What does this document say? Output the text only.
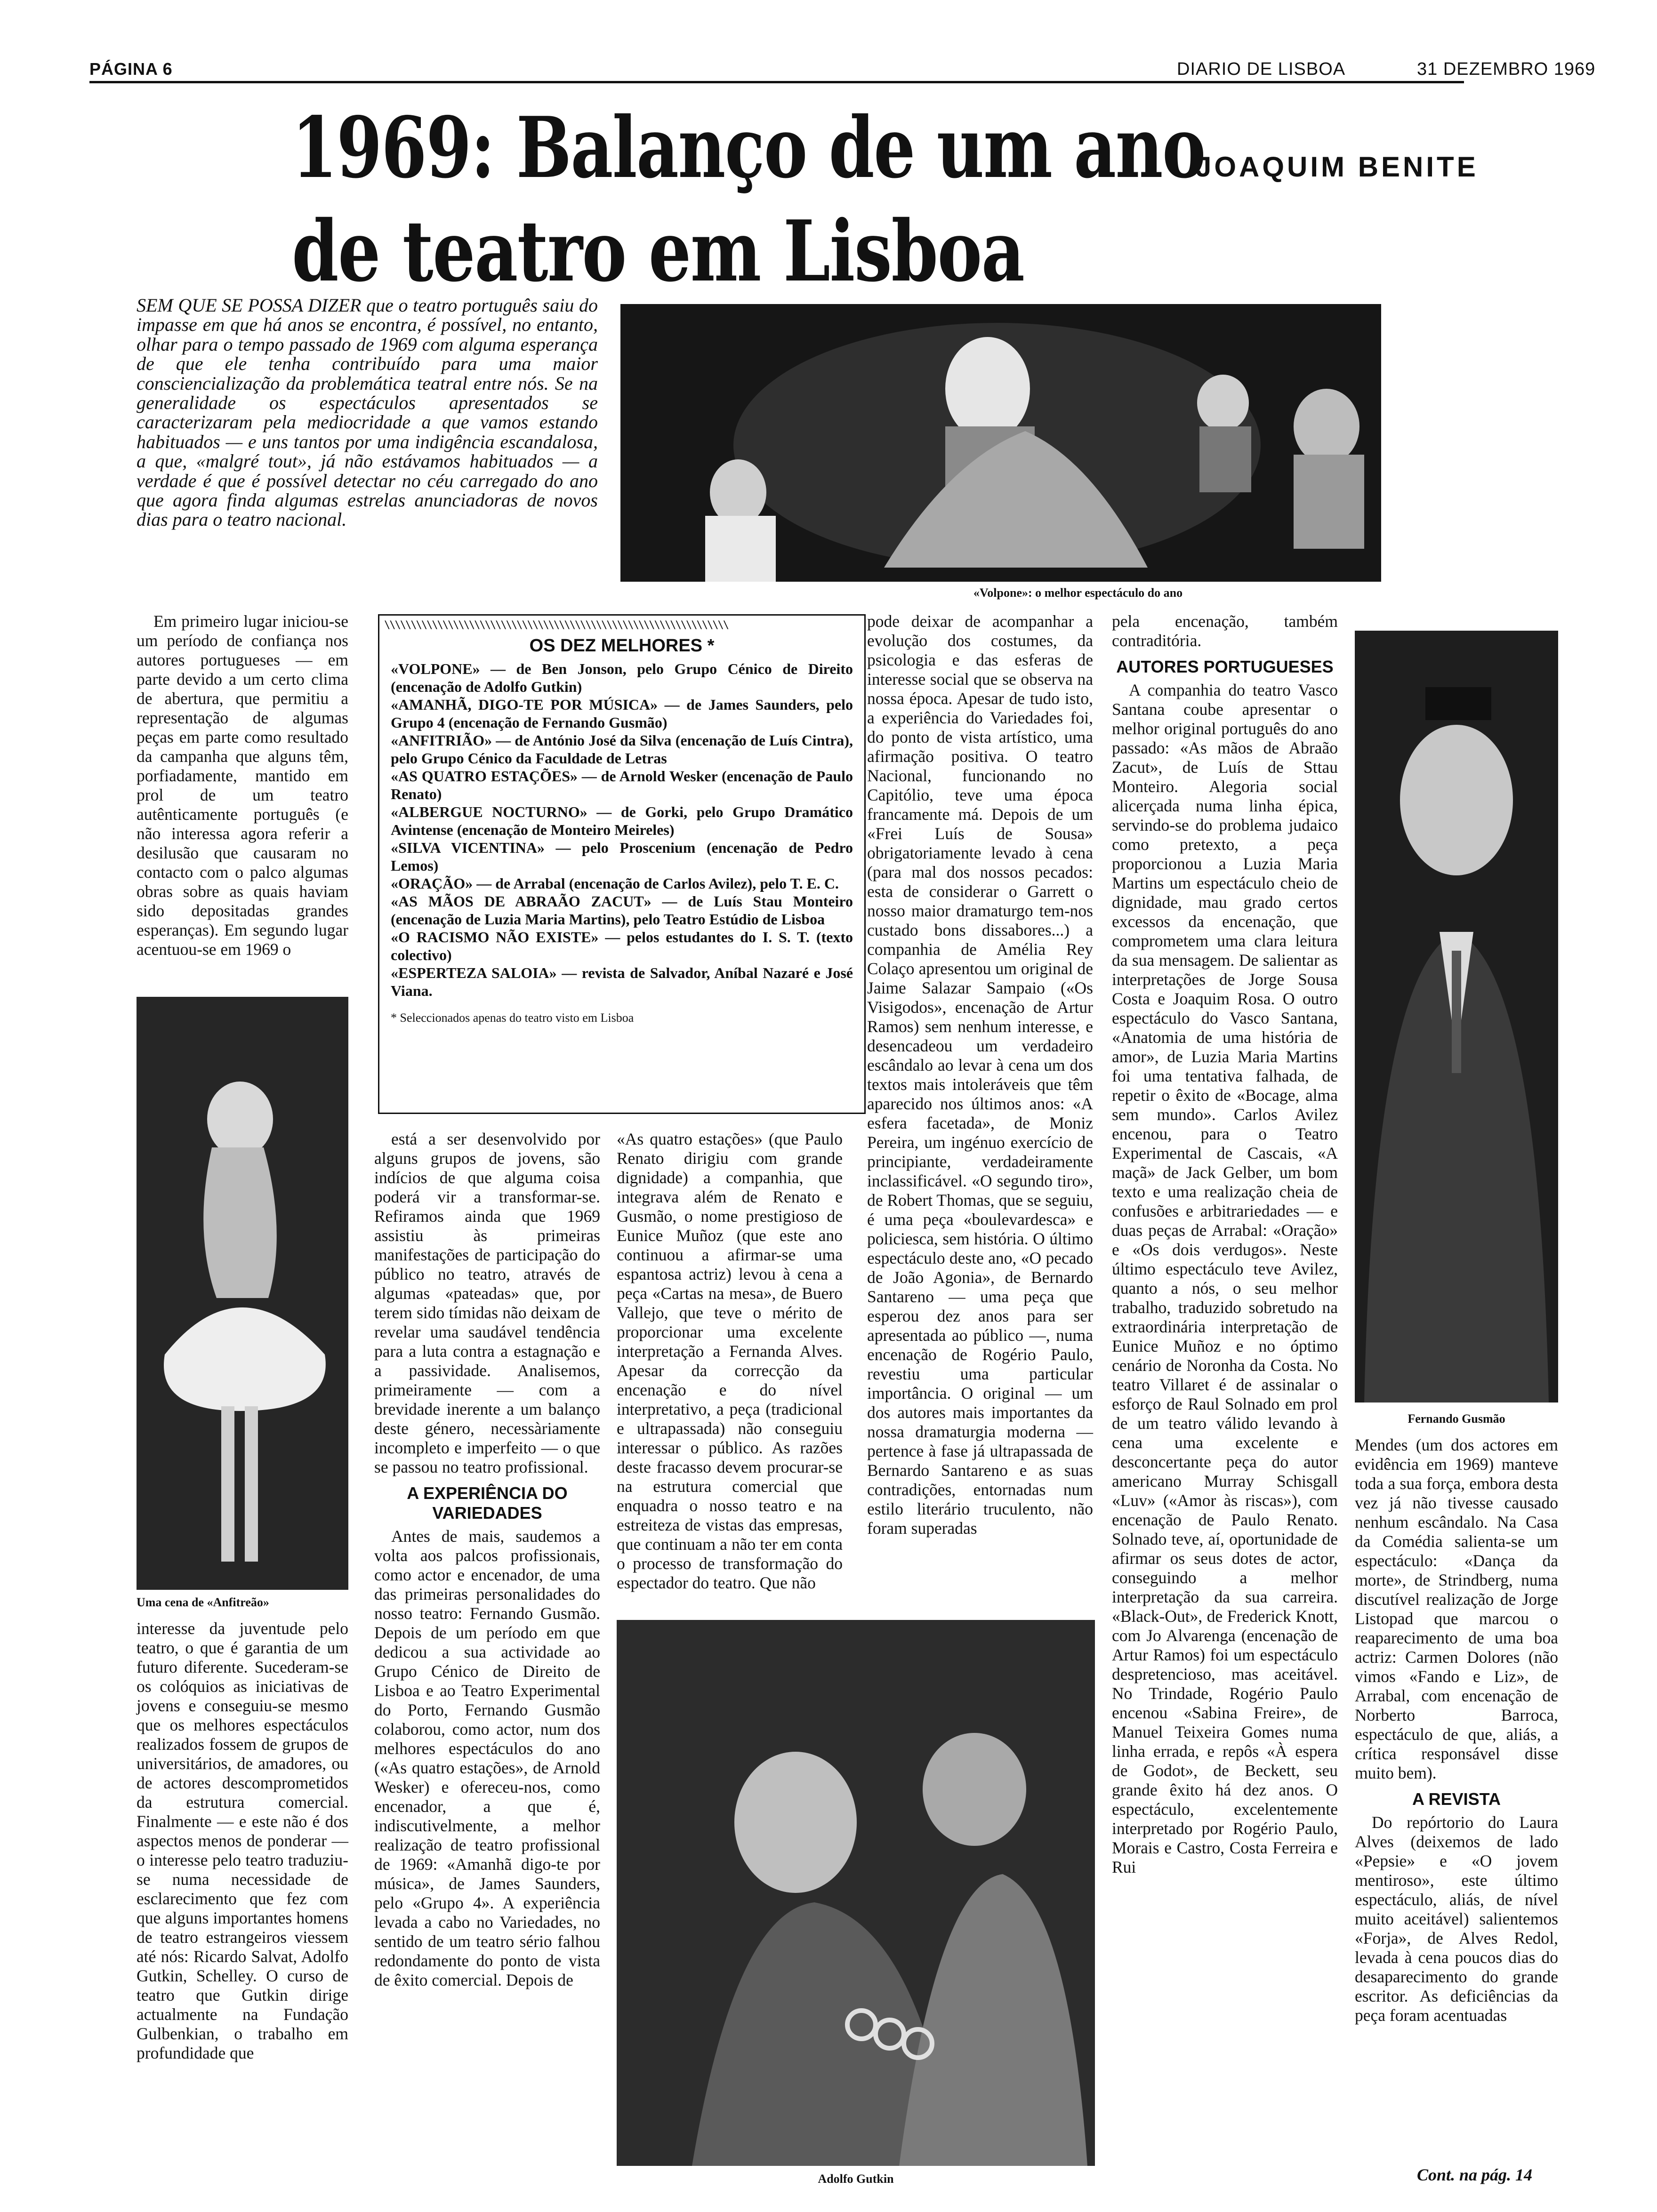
PÁGINA 6	DIARIO DE LISBOA	31 DEZEMBRO 1969
1969: Balanço de um ano
de teatro em Lisboa
JOAQUIM BENITE
SEM QUE SE POSSA DIZER que o teatro português saiu do impasse em que há anos se encontra, é possível, no entanto, olhar para o tempo passado de 1969 com alguma esperança de que ele tenha contribuído para uma maior consciencialização da problemática teatral entre nós. Se na generalidade os espectáculos apresentados se caracterizaram pela mediocridade a que vamos estando habituados — e uns tantos por uma indigência escandalosa, a que, «malgré tout», já não estávamos habituados — a verdade é que é possível detectar no céu carregado do ano que agora finda algumas estrelas anunciadoras de novos dias para o teatro nacional.
«Volpone»: o melhor espectáculo do ano

Em primeiro lugar iniciou-se um período de confiança nos autores portugueses — em parte devido a um certo clima de abertura, que permitiu a representação de algumas peças em parte como resultado da campanha que alguns têm, porfiadamente, mantido em prol de um teatro autênticamente português (e não interessa agora referir a desilusão que causaram no contacto com o palco algumas obras sobre as quais haviam sido depositadas grandes esperanças). Em segundo lugar acentuou-se em 1969 o

Uma cena de «Anfitreão»

interesse da juventude pelo teatro, o que é garantia de um futuro diferente. Sucederam-se os colóquios as iniciativas de jovens e conseguiu-se mesmo que os melhores espectáculos realizados fossem de grupos de universitários, de amadores, ou de actores descomprometidos da estrutura comercial. Finalmente — e este não é dos aspectos menos de ponderar — o interesse pelo teatro traduziu-se numa necessidade de esclarecimento que fez com que alguns importantes homens de teatro estrangeiros viessem até nós: Ricardo Salvat, Adolfo Gutkin, Schelley. O curso de teatro que Gutkin dirige actualmente na Fundação Gulbenkian, o trabalho em profundidade que

\\\\\\\\\\\\\\\\\\\\\\\\\\\\\\\\\\\\\\\\\\\\\\\\\\\\\\\\\\\\\\\\\
OS DEZ MELHORES *
«VOLPONE» — de Ben Jonson, pelo Grupo Cénico de Direito (encenação de Adolfo Gutkin)
«AMANHÃ, DIGO-TE POR MÚSICA» — de James Saunders, pelo Grupo 4 (encenação de Fernando Gusmão)
«ANFITRIÃO» — de António José da Silva (encenação de Luís Cintra), pelo Grupo Cénico da Faculdade de Letras
«AS QUATRO ESTAÇÕES» — de Arnold Wesker (encenação de Paulo Renato)
«ALBERGUE NOCTURNO» — de Gorki, pelo Grupo Dramático Avintense (encenação de Monteiro Meireles)
«SILVA VICENTINA» — pelo Proscenium (encenação de Pedro Lemos)
«ORAÇÃO» — de Arrabal (encenação de Carlos Avilez), pelo T. E. C.
«AS MÃOS DE ABRAÃO ZACUT» — de Luís Stau Monteiro (encenação de Luzia Maria Martins), pelo Teatro Estúdio de Lisboa
«O RACISMO NÃO EXISTE» — pelos estudantes do I. S. T. (texto colectivo)
«ESPERTEZA SALOIA» — revista de Salvador, Aníbal Nazaré e José Viana.
* Seleccionados apenas do teatro visto em Lisboa

está a ser desenvolvido por alguns grupos de jovens, são indícios de que alguma coisa poderá vir a transformar-se. Refiramos ainda que 1969 assistiu às primeiras manifestações de participação do público no teatro, através de algumas «pateadas» que, por terem sido tímidas não deixam de revelar uma saudável tendência para a luta contra a estagnação e a passividade. Analisemos, primeiramente — com a brevidade inerente a um balanço deste género, necessàriamente incompleto e imperfeito — o que se passou no teatro profissional.

A EXPERIÊNCIA DO VARIEDADES

Antes de mais, saudemos a volta aos palcos profissionais, como actor e encenador, de uma das primeiras personalidades do nosso teatro: Fernando Gusmão. Depois de um período em que dedicou a sua actividade ao Grupo Cénico de Direito de Lisboa e ao Teatro Experimental do Porto, Fernando Gusmão colaborou, como actor, num dos melhores espectáculos do ano («As quatro estações», de Arnold Wesker) e ofereceu-nos, como encenador, a que é, indiscutivelmente, a melhor realização de teatro profissional de 1969: «Amanhã digo-te por música», de James Saunders, pelo «Grupo 4». A experiência levada a cabo no Variedades, no sentido de um teatro sério falhou redondamente do ponto de vista de êxito comercial. Depois de

«As quatro estações» (que Paulo Renato dirigiu com grande dignidade) a companhia, que integrava além de Renato e Gusmão, o nome prestigioso de Eunice Muñoz (que este ano continuou a afirmar-se uma espantosa actriz) levou à cena a peça «Cartas na mesa», de Buero Vallejo, que teve o mérito de proporcionar uma excelente interpretação a Fernanda Alves. Apesar da correcção da encenação e do nível interpretativo, a peça (tradicional e ultrapassada) não conseguiu interessar o público. As razões deste fracasso devem procurar-se na estrutura comercial que enquadra o nosso teatro e na estreiteza de vistas das empresas, que continuam a não ter em conta o processo de transformação do espectador do teatro. Que não

Adolfo Gutkin

pode deixar de acompanhar a evolução dos costumes, da psicologia e das esferas de interesse social que se observa na nossa época. Apesar de tudo isto, a experiência do Variedades foi, do ponto de vista artístico, uma afirmação positiva. O teatro Nacional, funcionando no Capitólio, teve uma época francamente má. Depois de um «Frei Luís de Sousa» obrigatoriamente levado à cena (para mal dos nossos pecados: esta de considerar o Garrett o nosso maior dramaturgo tem-nos custado bons dissabores...) a companhia de Amélia Rey Colaço apresentou um original de Jaime Salazar Sampaio («Os Visigodos», encenação de Artur Ramos) sem nenhum interesse, e desencadeou um verdadeiro escândalo ao levar à cena um dos textos mais intoleráveis que têm aparecido nos últimos anos: «A esfera facetada», de Moniz Pereira, um ingénuo exercício de principiante, verdadeiramente inclassificável. «O segundo tiro», de Robert Thomas, que se seguiu, é uma peça «boulevardesca» e policiesca, sem história. O último espectáculo deste ano, «O pecado de João Agonia», de Bernardo Santareno — uma peça que esperou dez anos para ser apresentada ao público —, numa encenação de Rogério Paulo, revestiu uma particular importância. O original — um dos autores mais importantes da nossa dramaturgia moderna — pertence à fase já ultrapassada de Bernardo Santareno e as suas contradições, entornadas num estilo literário truculento, não foram superadas

pela encenação, também contraditória.

AUTORES PORTUGUESES

A companhia do teatro Vasco Santana coube apresentar o melhor original português do ano passado: «As mãos de Abraão Zacut», de Luís de Sttau Monteiro. Alegoria social alicerçada numa linha épica, servindo-se do problema judaico como pretexto, a peça proporcionou a Luzia Maria Martins um espectáculo cheio de dignidade, mau grado certos excessos da encenação, que comprometem uma clara leitura da sua mensagem. De salientar as interpretações de Jorge Sousa Costa e Joaquim Rosa. O outro espectáculo do Vasco Santana, «Anatomia de uma história de amor», de Luzia Maria Martins foi uma tentativa falhada, de repetir o êxito de «Bocage, alma sem mundo». Carlos Avilez encenou, para o Teatro Experimental de Cascais, «A maçã» de Jack Gelber, um bom texto e uma realização cheia de confusões e arbitrariedades — e duas peças de Arrabal: «Oração» e «Os dois verdugos». Neste último espectáculo teve Avilez, quanto a nós, o seu melhor trabalho, traduzido sobretudo na extraordinária interpretação de Eunice Muñoz e no óptimo cenário de Noronha da Costa. No teatro Villaret é de assinalar o esforço de Raul Solnado em prol de um teatro válido levando à cena uma excelente e desconcertante peça do autor americano Murray Schisgall «Luv» («Amor às riscas»), com encenação de Paulo Renato. Solnado teve, aí, oportunidade de afirmar os seus dotes de actor, conseguindo a melhor interpretação da sua carreira. «Black-Out», de Frederick Knott, com Jo Alvarenga (encenação de Artur Ramos) foi um espectáculo despretencioso, mas aceitável. No Trindade, Rogério Paulo encenou «Sabina Freire», de Manuel Teixeira Gomes numa linha errada, e repôs «À espera de Godot», de Beckett, seu grande êxito há dez anos. O espectáculo, excelentemente interpretado por Rogério Paulo, Morais e Castro, Costa Ferreira e Rui

Fernando Gusmão

Mendes (um dos actores em evidência em 1969) manteve toda a sua força, embora desta vez já não tivesse causado nenhum escândalo. Na Casa da Comédia salienta-se um espectáculo: «Dança da morte», de Strindberg, numa discutível realização de Jorge Listopad que marcou o reaparecimento de uma boa actriz: Carmen Dolores (não vimos «Fando e Liz», de Arrabal, com encenação de Norberto Barroca, espectáculo de que, aliás, a crítica responsável disse muito bem).

A REVISTA

Do repórtorio do Laura Alves (deixemos de lado «Pepsie» e «O jovem mentiroso», este último espectáculo, aliás, de nível muito aceitável) salientemos «Forja», de Alves Redol, levada à cena poucos dias do desaparecimento do grande escritor. As deficiências da peça foram acentuadas

Cont. na pág. 14
